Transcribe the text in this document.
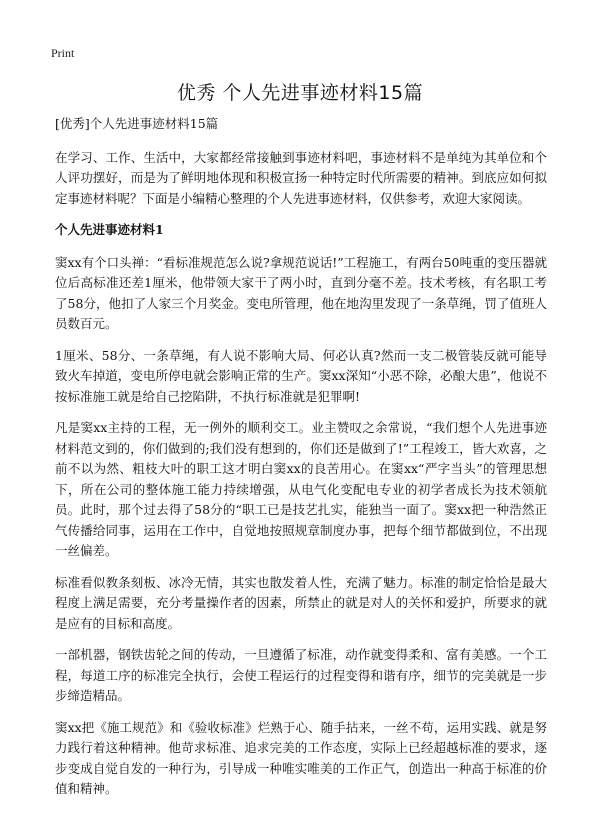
Print
优秀 个人先进事迹材料15篇

[优秀]个人先进事迹材料15篇

在学习、工作、生活中，大家都经常接触到事迹材料吧，事迹材料不是单纯为其单位和个人评功摆好，而是为了鲜明地体现和积极宣扬一种特定时代所需要的精神。到底应如何拟定事迹材料呢？下面是小编精心整理的个人先进事迹材料，仅供参考，欢迎大家阅读。

个人先进事迹材料1

窦xx有个口头禅：“看标准规范怎么说?拿规范说话!”工程施工，有两台50吨重的变压器就位后高标准还差1厘米，他带领大家干了两小时，直到分毫不差。技术考核，有名职工考了58分，他扣了人家三个月奖金。变电所管理，他在地沟里发现了一条草绳，罚了值班人员数百元。

1厘米、58分、一条草绳，有人说不影响大局、何必认真?然而一支二极管装反就可能导致火车掉道，变电所停电就会影响正常的生产。窦xx深知“小恶不除，必酿大患”，他说不按标准施工就是给自己挖陷阱，不执行标准就是犯罪啊!

凡是窦xx主持的工程，无一例外的顺利交工。业主赞叹之余常说，“我们想个人先进事迹材料范文到的，你们做到的;我们没有想到的，你们还是做到了!”工程竣工，皆大欢喜，之前不以为然、粗枝大叶的职工这才明白窦xx的良苦用心。在窦xx“严字当头”的管理思想下，所在公司的整体施工能力持续增强，从电气化变配电专业的初学者成长为技术领航员。此时，那个过去得了58分的“职工已是技艺扎实，能独当一面了。窦xx把一种浩然正气传播给同事，运用在工作中，自觉地按照规章制度办事，把每个细节都做到位，不出现一丝偏差。

标准看似教条刻板、冰冷无情，其实也散发着人性，充满了魅力。标准的制定恰恰是最大程度上满足需要，充分考量操作者的因素，所禁止的就是对人的关怀和爱护，所要求的就是应有的目标和高度。

一部机器，钢铁齿轮之间的传动，一旦遵循了标准，动作就变得柔和、富有美感。一个工程，每道工序的标准完全执行，会使工程运行的过程变得和谐有序，细节的完美就是一步步缔造精品。

窦xx把《施工规范》和《验收标准》烂熟于心、随手拈来，一丝不苟，运用实践、就是努力践行着这种精神。他苛求标准、追求完美的工作态度，实际上已经超越标准的要求，逐步变成自觉自发的一种行为，引导成一种唯实唯美的工作正气，创造出一种高于标准的价值和精神。
